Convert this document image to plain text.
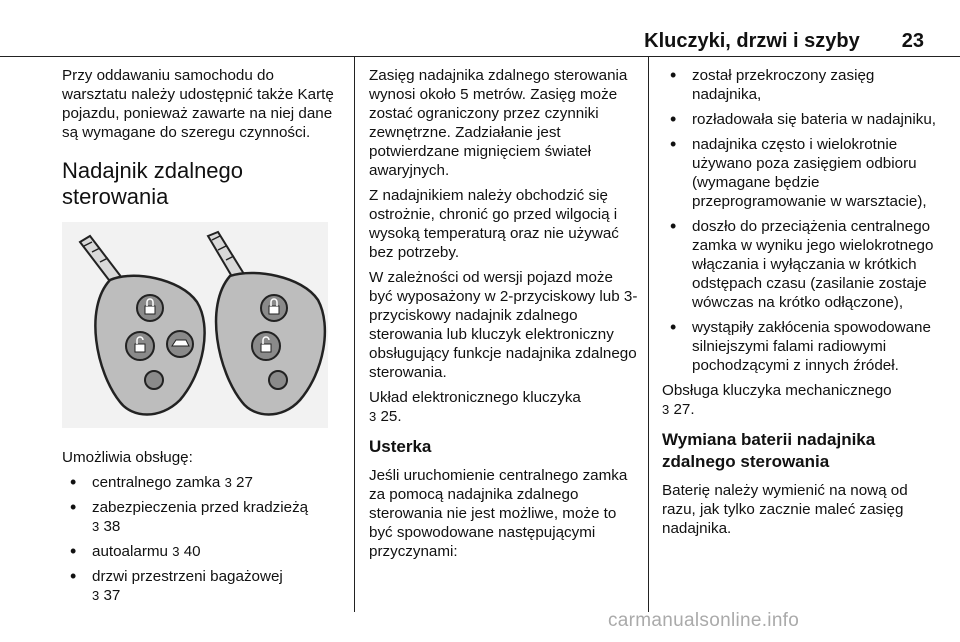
Kluczyki, drzwi i szyby 23

Przy oddawaniu samochodu do warsztatu należy udostępnić także Kartę pojazdu, ponieważ zawarte na niej dane są wymagane do szeregu czynności.

Nadajnik zdalnego sterowania

Umożliwia obsługę:

• centralnego zamka 3 27
• zabezpieczenia przed kradzieżą
3 38
• autoalarmu 3 40
• drzwi przestrzeni bagażowej
3 37

Zasięg nadajnika zdalnego sterowania wynosi około 5 metrów. Zasięg może zostać ograniczony przez czynniki zewnętrzne. Zadziałanie jest potwierdzane mignięciem świateł awaryjnych.

Z nadajnikiem należy obchodzić się ostrożnie, chronić go przed wilgocią i wysoką temperaturą oraz nie używać bez potrzeby.

W zależności od wersji pojazd może być wyposażony w 2-przyciskowy lub 3-przyciskowy nadajnik zdalnego sterowania lub kluczyk elektroniczny obsługujący funkcje nadajnika zdalnego sterowania.

Układ elektronicznego kluczyka
3 25.

Usterka

Jeśli uruchomienie centralnego zamka za pomocą nadajnika zdalnego sterowania nie jest możliwe, może to być spowodowane następującymi przyczynami:

• został przekroczony zasięg nadajnika,
• rozładowała się bateria w nadajniku,
• nadajnika często i wielokrotnie używano poza zasięgiem odbioru (wymagane będzie przeprogramowanie w warsztacie),
• doszło do przeciążenia centralnego zamka w wyniku jego wielokrotnego włączania i wyłączania w krótkich odstępach czasu (zasilanie zostaje wówczas na krótko odłączone),
• wystąpiły zakłócenia spowodowane silniejszymi falami radiowymi pochodzącymi z innych źródeł.

Obsługa kluczyka mechanicznego
3 27.

Wymiana baterii nadajnika zdalnego sterowania

Baterię należy wymienić na nową od razu, jak tylko zacznie maleć zasięg nadajnika.

carmanualsonline.info
